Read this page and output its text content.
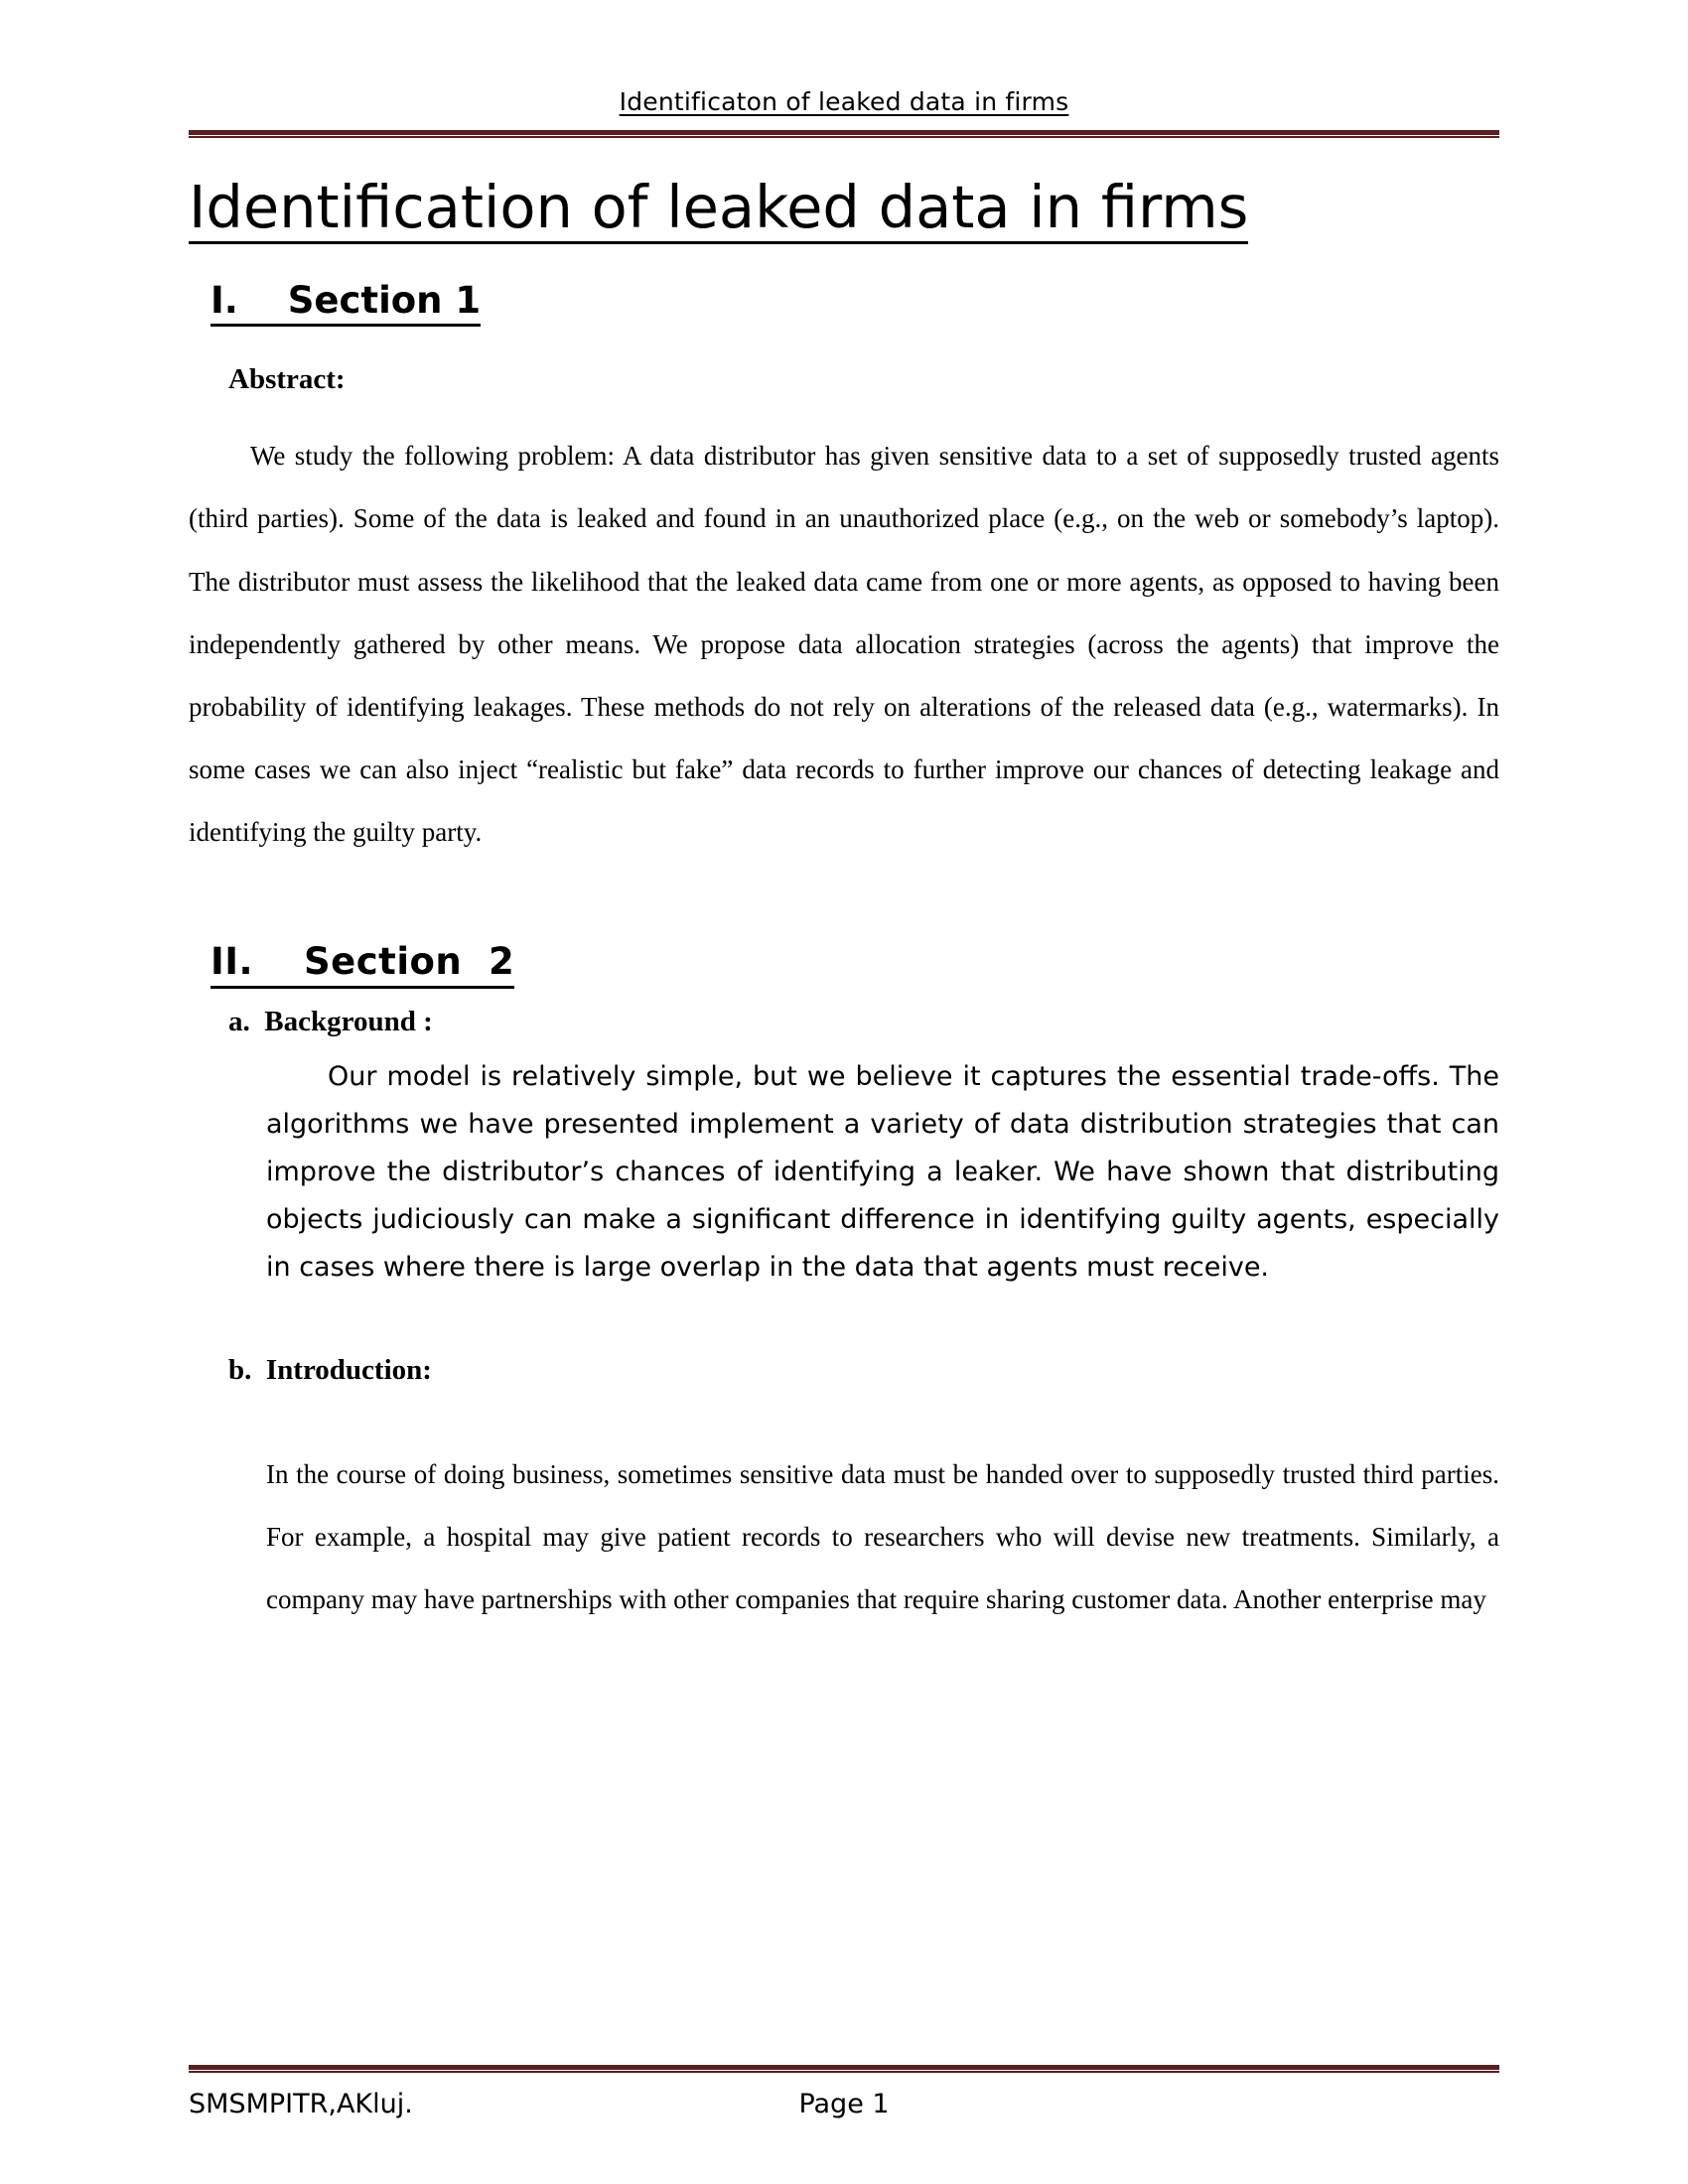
Identificaton of leaked data in firms
Identification of leaked data in firms
I.  Section 1
Abstract:

We study the following problem: A data distributor has given sensitive data to a set of supposedly trusted agents (third parties). Some of the data is leaked and found in an unauthorized place (e.g., on the web or somebody’s laptop). The distributor must assess the likelihood that the leaked data came from one or more agents, as opposed to having been independently gathered by other means. We propose data allocation strategies (across the agents) that improve the probability of identifying leakages. These methods do not rely on alterations of the released data (e.g., watermarks). In some cases we can also inject “realistic but fake” data records to further improve our chances of detecting leakage and identifying the guilty party.

II.  Section  2
a.  Background :

Our model is relatively simple, but we believe it captures the essential trade-offs. The algorithms we have presented implement a variety of data distribution strategies that can improve the distributor’s chances of identifying a leaker. We have shown that distributing objects judiciously can make a significant difference in identifying guilty agents, especially in cases where there is large overlap in the data that agents must receive.

b.  Introduction:

In the course of doing business, sometimes sensitive data must be handed over to supposedly trusted third parties. For example, a hospital may give patient records to researchers who will devise new treatments. Similarly, a company may have partnerships with other companies that require sharing customer data. Another enterprise may

SMSMPITR,AKluj.	Page 1
